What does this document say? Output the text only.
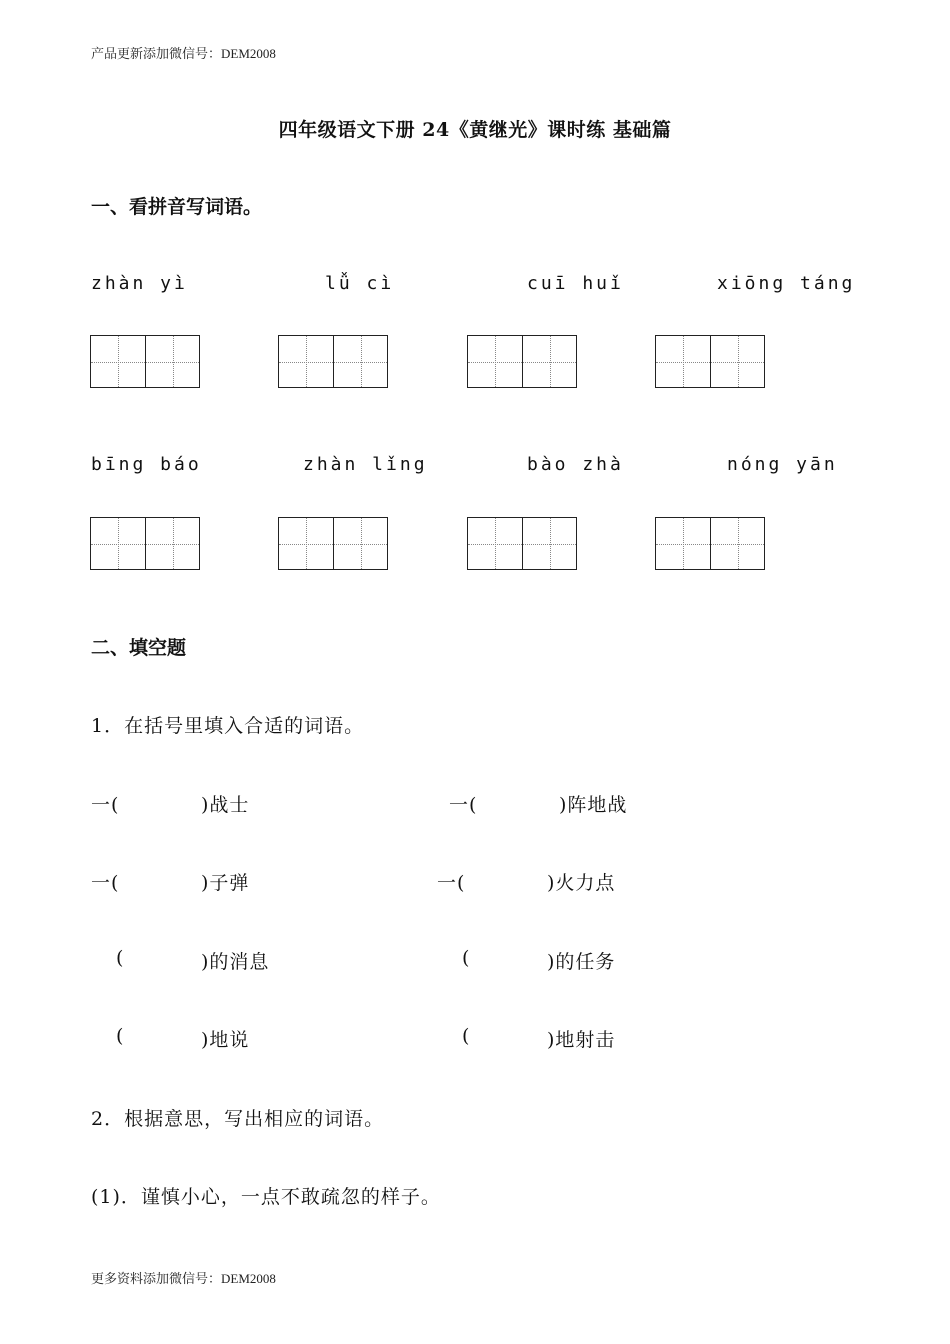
产品更新添加微信号：DEM2008
四年级语文下册 24《黄继光》课时练 基础篇
一、看拼音写词语。
zhàn yì	lǚ cì	cuī huǐ	xiōng táng
bīng báo	zhàn lǐng	bào zhà	nóng yān
二、填空题
1．在括号里填入合适的词语。
一(	)战士	一(	)阵地战
一(	)子弹	一(	)火力点
(	)的消息	(	)的任务
(	)地说	(	)地射击
2．根据意思，写出相应的词语。
(1)．谨慎小心，一点不敢疏忽的样子。
更多资料添加微信号：DEM2008
